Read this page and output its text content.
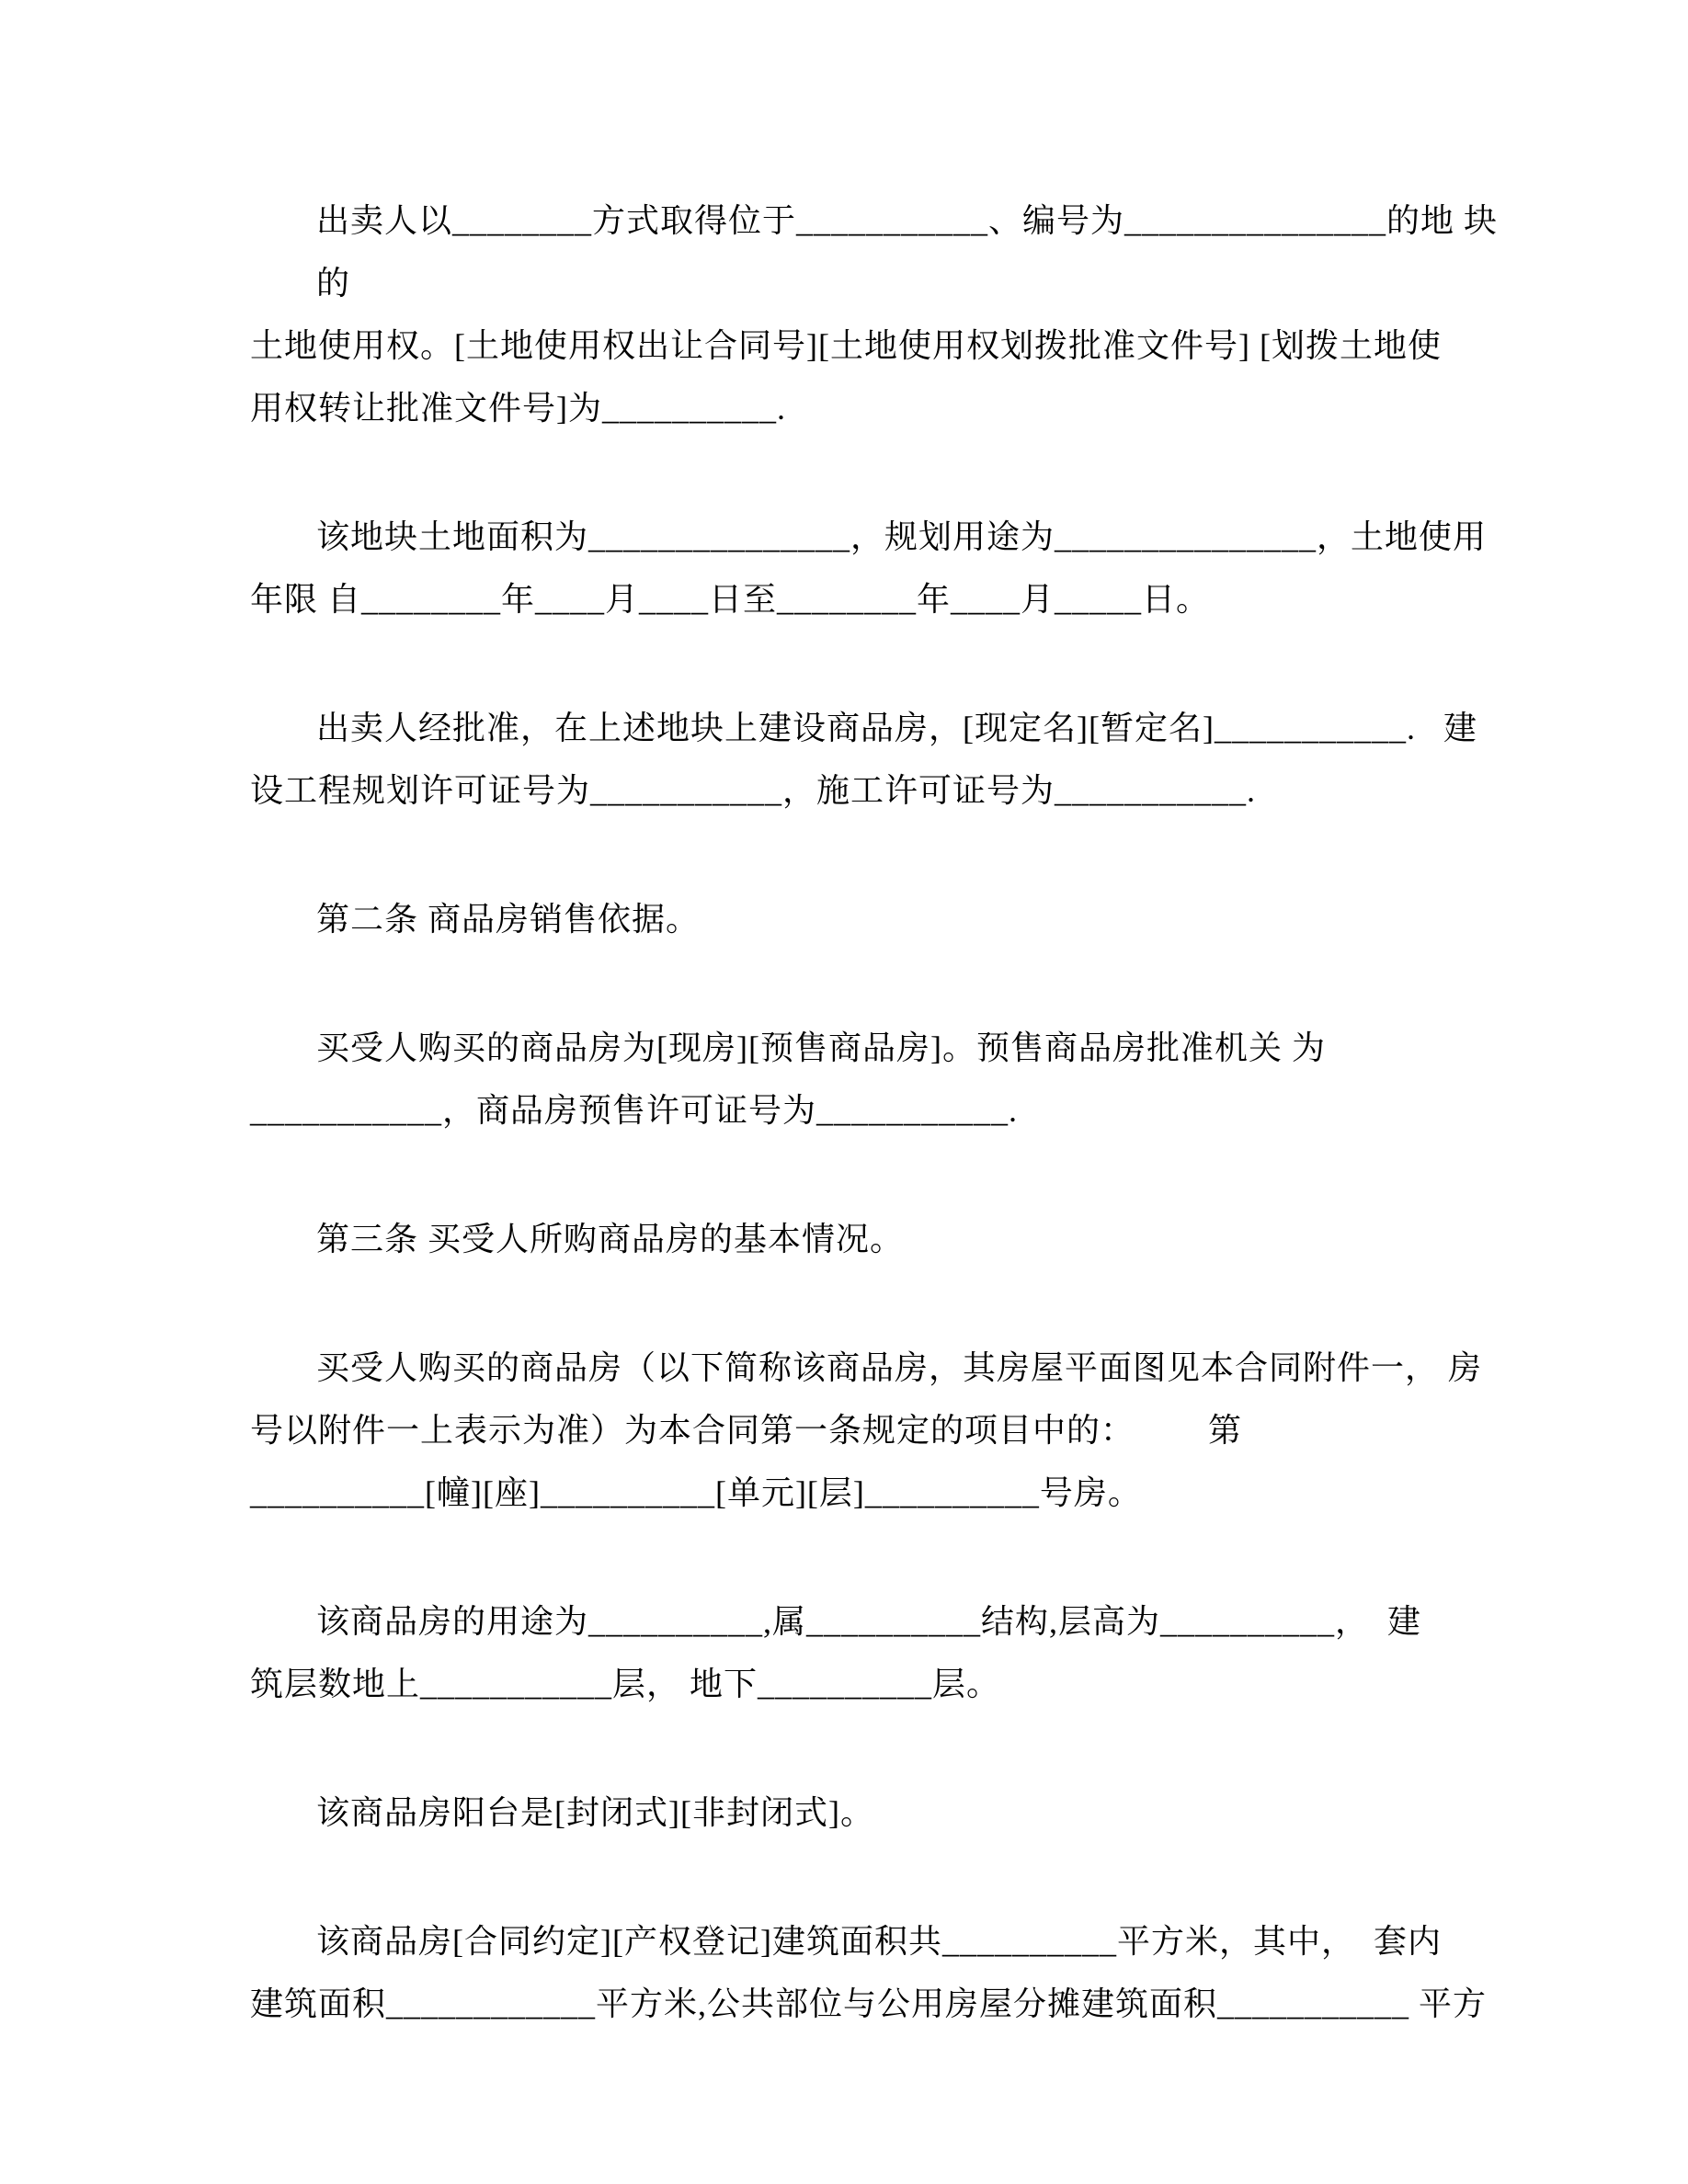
出卖人以________方式取得位于___________、编号为_______________的地 块的
土地使用权。[土地使用权出让合同号][土地使用权划拨批准文件号] [划拨土地使
用权转让批准文件号]为__________.
该地块土地面积为_______________，规划用途为_______________，土地使用
年限 自________年____月____日至________年____月_____日。
出卖人经批准，在上述地块上建设商品房，[现定名][暂定名]___________.   建
设工程规划许可证号为___________，施工许可证号为___________.
第二条 商品房销售依据。
买受人购买的商品房为[现房][预售商品房]。预售商品房批准机关 为
___________，商品房预售许可证号为___________.
第三条 买受人所购商品房的基本情况。
买受人购买的商品房（以下简称该商品房，其房屋平面图见本合同附件一， 房
号以附件一上表示为准）为本合同第一条规定的项目中的：        第
__________[幢][座]__________[单元][层]__________号房。
该商品房的用途为__________,属__________结构,层高为__________，  建
筑层数地上___________层， 地下__________层。
该商品房阳台是[封闭式][非封闭式]。
该商品房[合同约定][产权登记]建筑面积共__________平方米，其中，  套内
建筑面积____________平方米,公共部位与公用房屋分摊建筑面积___________ 平方
